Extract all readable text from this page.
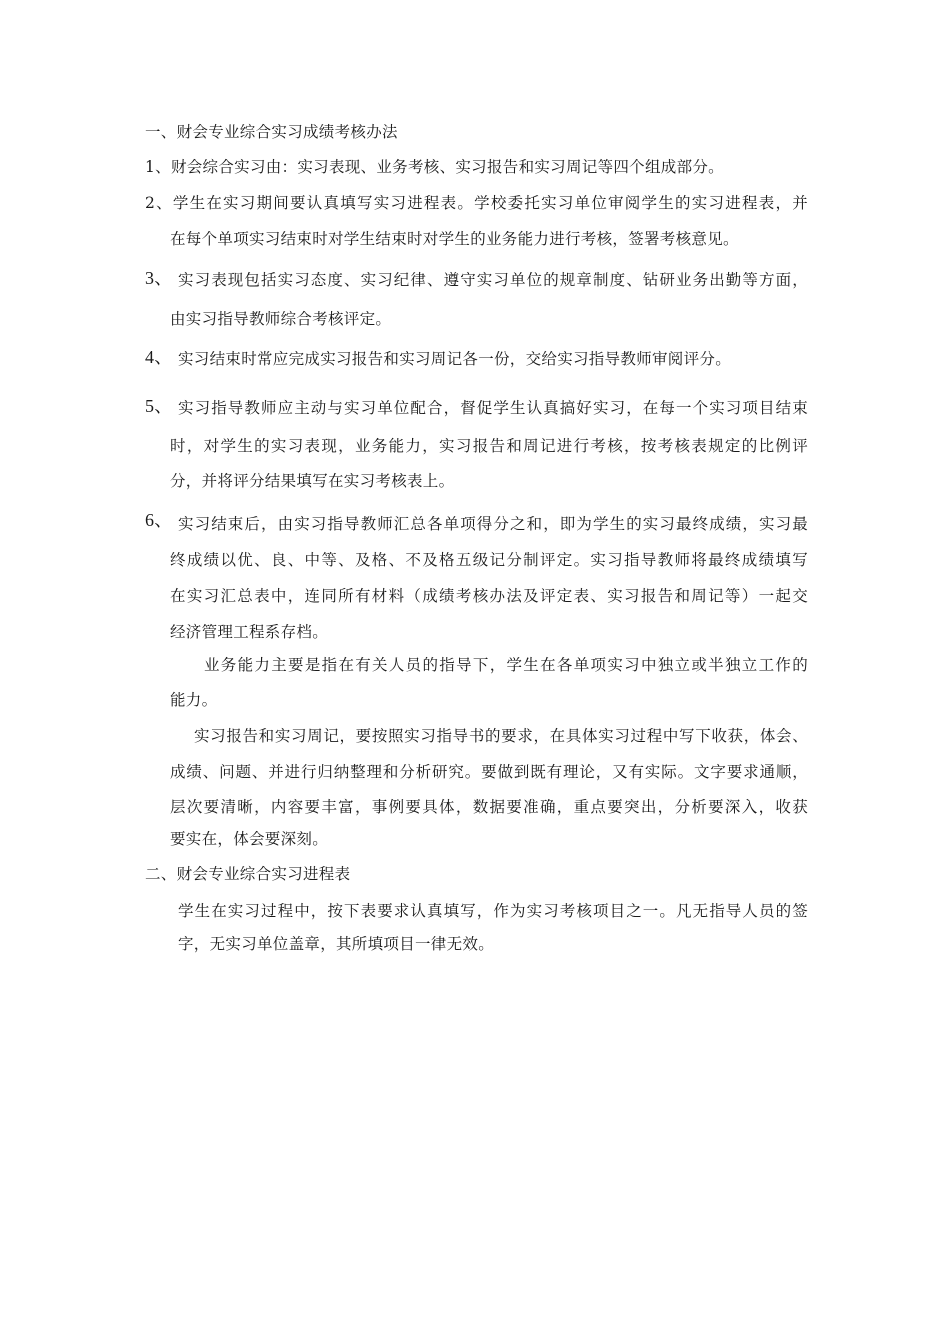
一、财会专业综合实习成绩考核办法
1、财会综合实习由：实习表现、业务考核、实习报告和实习周记等四个组成部分。
2、学生在实习期间要认真填写实习进程表。学校委托实习单位审阅学生的实习进程表，并
在每个单项实习结束时对学生结束时对学生的业务能力进行考核，签署考核意见。
3、 实习表现包括实习态度、实习纪律、遵守实习单位的规章制度、钻研业务出勤等方面，
由实习指导教师综合考核评定。
4、 实习结束时常应完成实习报告和实习周记各一份，交给实习指导教师审阅评分。
5、 实习指导教师应主动与实习单位配合，督促学生认真搞好实习，在每一个实习项目结束
时，对学生的实习表现，业务能力，实习报告和周记进行考核，按考核表规定的比例评
分，并将评分结果填写在实习考核表上。
6、 实习结束后，由实习指导教师汇总各单项得分之和，即为学生的实习最终成绩，实习最
终成绩以优、良、中等、及格、不及格五级记分制评定。实习指导教师将最终成绩填写
在实习汇总表中，连同所有材料（成绩考核办法及评定表、实习报告和周记等）一起交
经济管理工程系存档。
业务能力主要是指在有关人员的指导下，学生在各单项实习中独立或半独立工作的
能力。
实习报告和实习周记，要按照实习指导书的要求，在具体实习过程中写下收获，体会、
成绩、问题、并进行归纳整理和分析研究。要做到既有理论，又有实际。文字要求通顺，
层次要清晰，内容要丰富，事例要具体，数据要准确，重点要突出，分析要深入，收获
要实在，体会要深刻。
二、财会专业综合实习进程表
学生在实习过程中，按下表要求认真填写，作为实习考核项目之一。凡无指导人员的签
字，无实习单位盖章，其所填项目一律无效。
